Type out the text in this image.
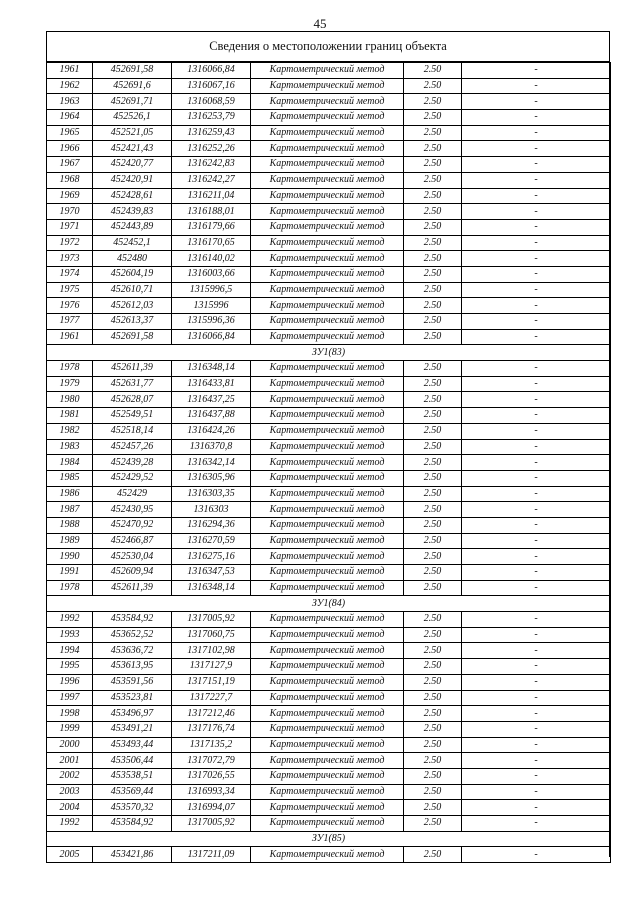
45
Сведения о местоположении границ объекта
1961	452691,58	1316066,84	Картометрический метод	2.50	-
1962	452691,6	1316067,16	Картометрический метод	2.50	-
1963	452691,71	1316068,59	Картометрический метод	2.50	-
1964	452526,1	1316253,79	Картометрический метод	2.50	-
1965	452521,05	1316259,43	Картометрический метод	2.50	-
1966	452421,43	1316252,26	Картометрический метод	2.50	-
1967	452420,77	1316242,83	Картометрический метод	2.50	-
1968	452420,91	1316242,27	Картометрический метод	2.50	-
1969	452428,61	1316211,04	Картометрический метод	2.50	-
1970	452439,83	1316188,01	Картометрический метод	2.50	-
1971	452443,89	1316179,66	Картометрический метод	2.50	-
1972	452452,1	1316170,65	Картометрический метод	2.50	-
1973	452480	1316140,02	Картометрический метод	2.50	-
1974	452604,19	1316003,66	Картометрический метод	2.50	-
1975	452610,71	1315996,5	Картометрический метод	2.50	-
1976	452612,03	1315996	Картометрический метод	2.50	-
1977	452613,37	1315996,36	Картометрический метод	2.50	-
1961	452691,58	1316066,84	Картометрический метод	2.50	-
ЗУ1(83)					
1978	452611,39	1316348,14	Картометрический метод	2.50	-
1979	452631,77	1316433,81	Картометрический метод	2.50	-
1980	452628,07	1316437,25	Картометрический метод	2.50	-
1981	452549,51	1316437,88	Картометрический метод	2.50	-
1982	452518,14	1316424,26	Картометрический метод	2.50	-
1983	452457,26	1316370,8	Картометрический метод	2.50	-
1984	452439,28	1316342,14	Картометрический метод	2.50	-
1985	452429,52	1316305,96	Картометрический метод	2.50	-
1986	452429	1316303,35	Картометрический метод	2.50	-
1987	452430,95	1316303	Картометрический метод	2.50	-
1988	452470,92	1316294,36	Картометрический метод	2.50	-
1989	452466,87	1316270,59	Картометрический метод	2.50	-
1990	452530,04	1316275,16	Картометрический метод	2.50	-
1991	452609,94	1316347,53	Картометрический метод	2.50	-
1978	452611,39	1316348,14	Картометрический метод	2.50	-
ЗУ1(84)					
1992	453584,92	1317005,92	Картометрический метод	2.50	-
1993	453652,52	1317060,75	Картометрический метод	2.50	-
1994	453636,72	1317102,98	Картометрический метод	2.50	-
1995	453613,95	1317127,9	Картометрический метод	2.50	-
1996	453591,56	1317151,19	Картометрический метод	2.50	-
1997	453523,81	1317227,7	Картометрический метод	2.50	-
1998	453496,97	1317212,46	Картометрический метод	2.50	-
1999	453491,21	1317176,74	Картометрический метод	2.50	-
2000	453493,44	1317135,2	Картометрический метод	2.50	-
2001	453506,44	1317072,79	Картометрический метод	2.50	-
2002	453538,51	1317026,55	Картометрический метод	2.50	-
2003	453569,44	1316993,34	Картометрический метод	2.50	-
2004	453570,32	1316994,07	Картометрический метод	2.50	-
1992	453584,92	1317005,92	Картометрический метод	2.50	-
ЗУ1(85)					
2005	453421,86	1317211,09	Картометрический метод	2.50	-
